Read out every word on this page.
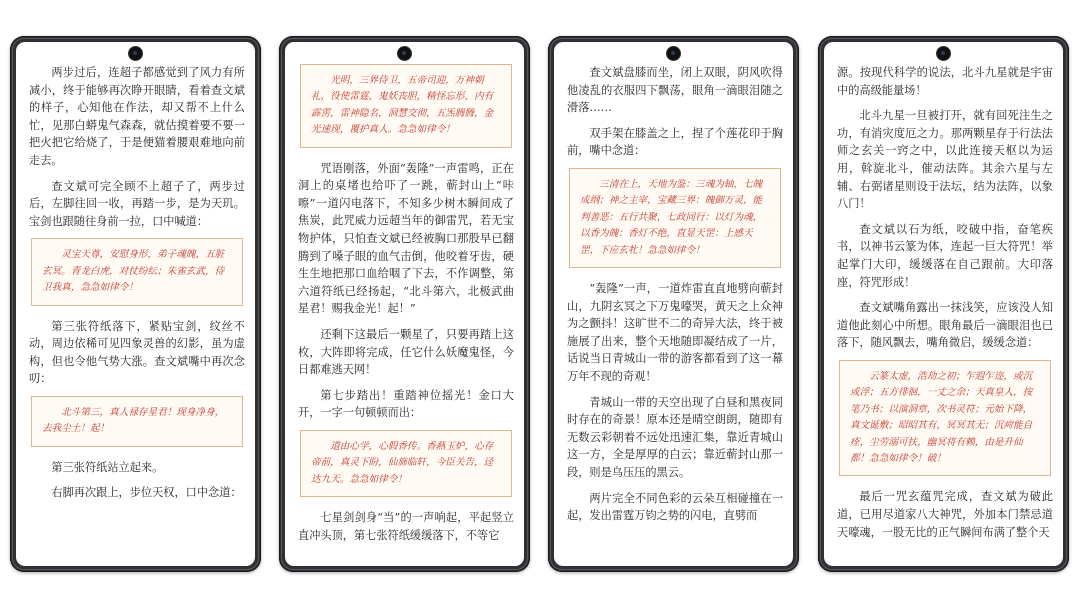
两步过后，连超子都感觉到了风力有所减小，终于能够再次睁开眼睛，看着查文斌的样子，心知他在作法，却又帮不上什么忙，见那白蟒鬼气森森，就估摸着要不要一把火把它给烧了，于是便猫着腰艰难地向前走去。
查文斌可完全顾不上超子了，两步过后，左脚往回一收，再踏一步，是为天玑。宝剑也跟随往身前一拉，口中喊道：
灵宝天尊，安慰身形，弟子魂魄，五脏玄冥。青龙白虎，对仗纷纭；朱雀玄武，侍卫我真，急急如律令！
第三张符纸落下，紧贴宝剑，纹丝不动，周边依稀可见四象灵兽的幻影，虽为虚构，但也令他气势大涨。查文斌嘴中再次念叨：
北斗第三，真人禄存星君！现身净身，去我尘土！起！
第三张符纸站立起来。
右脚再次跟上，步位天权，口中念道：
光明，三界侍卫，五帝司迎，万神朝礼，役使雷霆，鬼妖丧胆，精怪忘形，内有霹雳，雷神隐名，洞慧交彻，五炁腾腾，金光速现，覆护真人。急急如律令！
咒语刚落，外面“轰隆”一声雷鸣，正在洞上的桌堵也给吓了一跳，蕲封山上“咔嚓”一道闪电落下，不知多少树木瞬间成了焦炭，此咒威力远超当年的御雷咒，若无宝物护体，只怕查文斌已经被胸口那股早已翻腾到了嗓子眼的血气击倒，他咬着牙齿，硬生生地把那口血给咽了下去，不作调整，第六道符纸已经扬起，“北斗第六，北极武曲星君！赐我金光！起！”
还剩下这最后一颗星了，只要再踏上这枚，大阵即将完成，任它什么妖魔鬼怪，今日都难逃天网！
第七步踏出！重踏神位摇光！金口大开，一字一句顿顿而出：
道由心学，心假香传。香爇玉炉，心存帝前，真灵下盼，仙旆临轩，今臣关告，迳达九天。急急如律令！
七星剑剑身“当”的一声响起，平起竖立直冲头顶，第七张符纸缓缓落下，不等它
查文斌盘膝而坐，闭上双眼，阴风吹得他凌乱的衣服四下飘荡，眼角一滴眼泪随之滑落……
双手架在膝盖之上，捏了个莲花印于胸前，嘴中念道：
三清在上，天地为鉴：三魂为轴，七魄成纲；神之主宰，宝藏三界：魄御万灵，能判善恶：五行共聚，七政同行：以灯为魂，以香为魄：香灯不绝，直显天罡：上感天罡，下应玄牝！急急如律令！
“轰隆”一声，一道炸雷直直地劈向蕲封山，九阴玄冥之下万鬼嚎哭，黄天之上众神为之颤抖！这旷世不二的奇异大法，终于被施展了出来，整个天地随即凝结成了一片，话说当日青城山一带的游客都看到了这一幕万年不现的奇观！
青城山一带的天空出现了白昼和黑夜同时存在的奇景！原本还是晴空朗朗，随即有无数云彩朝着不远处迅速汇集，靠近青城山这一方，全是厚厚的白云；靠近蕲封山那一段，则是乌压压的黑云。
两片完全不同色彩的云朵互相碰撞在一起，发出雷霆万钧之势的闪电，直劈而
源。按现代科学的说法，北斗九星就是宇宙中的高级能量场！
北斗九星一旦被打开，就有回死注生之功，有消灾度厄之力。那两颗星存于行法法师之玄关一窍之中，以此连接天枢以为运用，斡旋北斗，催动法阵。其余六星与左辅、右弼诸星则设于法坛，结为法阵，以象八门！
查文斌以石为纸，咬破中指，奋笔疾书，以神书云篆为体，连起一巨大符咒！举起掌门大印，缓缓落在自己跟前。大印落座，符咒形成！
查文斌嘴角露出一抹浅笑，应该没人知道他此刻心中所想。眼角最后一滴眼泪也已落下，随风飘去，嘴角微启，缓缓念道：
云篆太虚，浩劫之初；乍遐乍迩，或沉或浮；五方徘徊，一丈之余；天真皇人，按笔乃书；以演洞章，次书灵符；元始下降，真文诞敷；昭昭其有，冥冥其无；沉疴能自痊，尘劳溺可扶，幽冥将有赖，由是升仙都！急急如律令！破！
最后一咒玄蕴咒完成，查文斌为破此道，已用尽道家八大神咒，外加本门禁忌道天嚎魂，一股无比的正气瞬间布满了整个天
